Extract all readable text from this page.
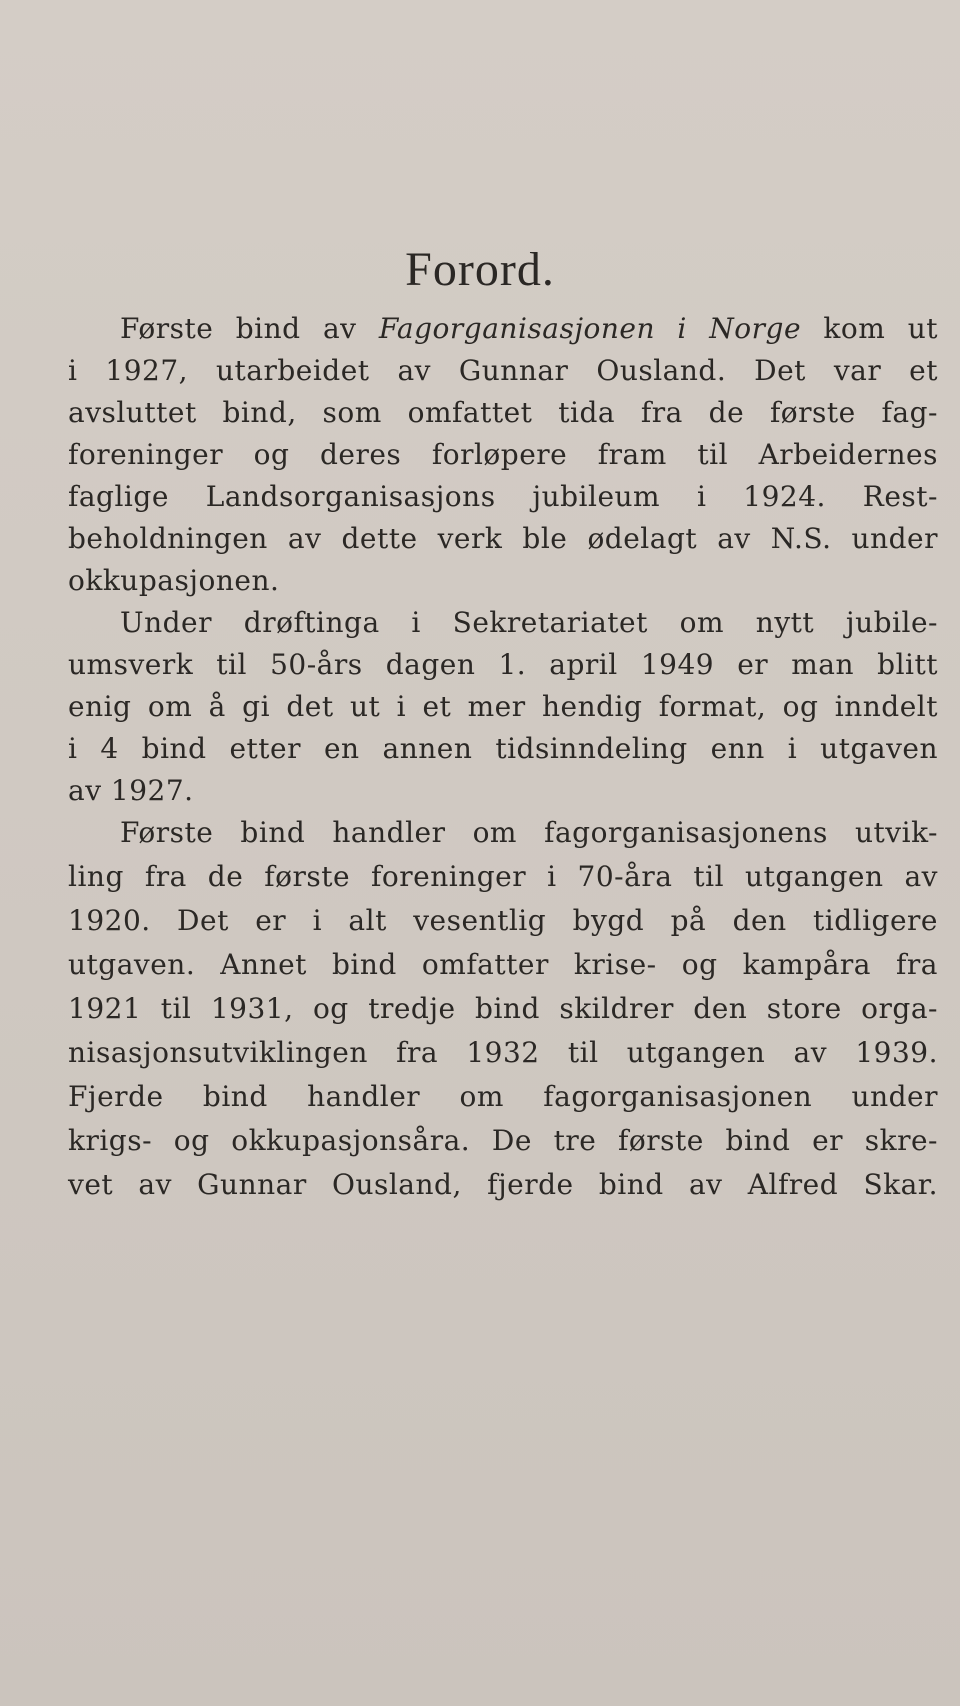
Forord.
Første bind av Fagorganisasjonen i Norge kom ut
i 1927, utarbeidet av Gunnar Ousland. Det var et
avsluttet bind, som omfattet tida fra de første fag-
foreninger og deres forløpere fram til Arbeidernes
faglige Landsorganisasjons jubileum i 1924. Rest-
beholdningen av dette verk ble ødelagt av N.S. under
okkupasjonen.
Under drøftinga i Sekretariatet om nytt jubile-
umsverk til 50-års dagen 1. april 1949 er man blitt
enig om å gi det ut i et mer hendig format, og inndelt
i 4 bind etter en annen tidsinndeling enn i utgaven
av 1927.
Første bind handler om fagorganisasjonens utvik-
ling fra de første foreninger i 70-åra til utgangen av
1920. Det er i alt vesentlig bygd på den tidligere
utgaven. Annet bind omfatter krise- og kampåra fra
1921 til 1931, og tredje bind skildrer den store orga-
nisasjonsutviklingen fra 1932 til utgangen av 1939.
Fjerde bind handler om fagorganisasjonen under
krigs- og okkupasjonsåra. De tre første bind er skre-
vet av Gunnar Ousland, fjerde bind av Alfred Skar.
